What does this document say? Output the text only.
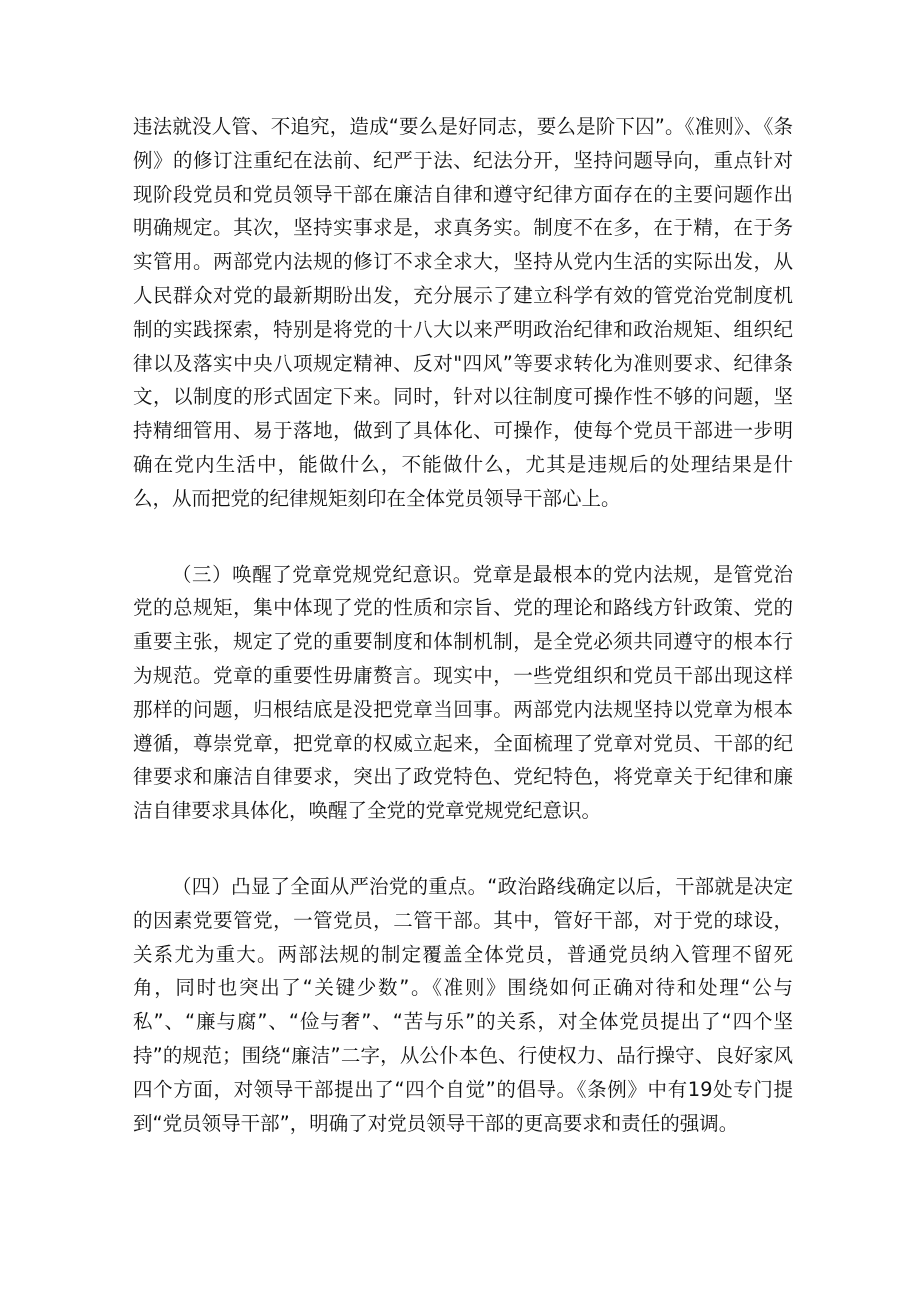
违法就没人管、不追究，造成“要么是好同志，要么是阶下囚”。《准则》、《条例》的修订注重纪在法前、纪严于法、纪法分开，坚持问题导向，重点针对现阶段党员和党员领导干部在廉洁自律和遵守纪律方面存在的主要问题作出明确规定。其次，坚持实事求是，求真务实。制度不在多，在于精，在于务实管用。两部党内法规的修订不求全求大，坚持从党内生活的实际出发，从人民群众对党的最新期盼出发，充分展示了建立科学有效的管党治党制度机制的实践探索，特别是将党的十八大以来严明政治纪律和政治规矩、组织纪律以及落实中央八项规定精神、反对"四风”等要求转化为准则要求、纪律条文，以制度的形式固定下来。同时，针对以往制度可操作性不够的问题，坚持精细管用、易于落地，做到了具体化、可操作，使每个党员干部进一步明确在党内生活中，能做什么，不能做什么，尤其是违规后的处理结果是什么，从而把党的纪律规矩刻印在全体党员领导干部心上。

（三）唤醒了党章党规党纪意识。党章是最根本的党内法规，是管党治党的总规矩，集中体现了党的性质和宗旨、党的理论和路线方针政策、党的重要主张，规定了党的重要制度和体制机制，是全党必须共同遵守的根本行为规范。党章的重要性毋庸赘言。现实中，一些党组织和党员干部出现这样那样的问题，归根结底是没把党章当回事。两部党内法规坚持以党章为根本遵循，尊崇党章，把党章的权威立起来，全面梳理了党章对党员、干部的纪律要求和廉洁自律要求，突出了政党特色、党纪特色，将党章关于纪律和廉洁自律要求具体化，唤醒了全党的党章党规党纪意识。

（四）凸显了全面从严治党的重点。“政治路线确定以后，干部就是决定的因素党要管党，一管党员，二管干部。其中，管好干部，对于党的球设，关系尤为重大。两部法规的制定覆盖全体党员，普通党员纳入管理不留死角，同时也突出了“关键少数”。《准则》围绕如何正确对待和处理“公与私”、“廉与腐”、“俭与奢”、“苦与乐”的关系，对全体党员提出了“四个坚持”的规范；围绕“廉洁”二字，从公仆本色、行使权力、品行操守、良好家风四个方面，对领导干部提出了“四个自觉”的倡导。《条例》中有19处专门提到“党员领导干部”，明确了对党员领导干部的更高要求和责任的强调。
